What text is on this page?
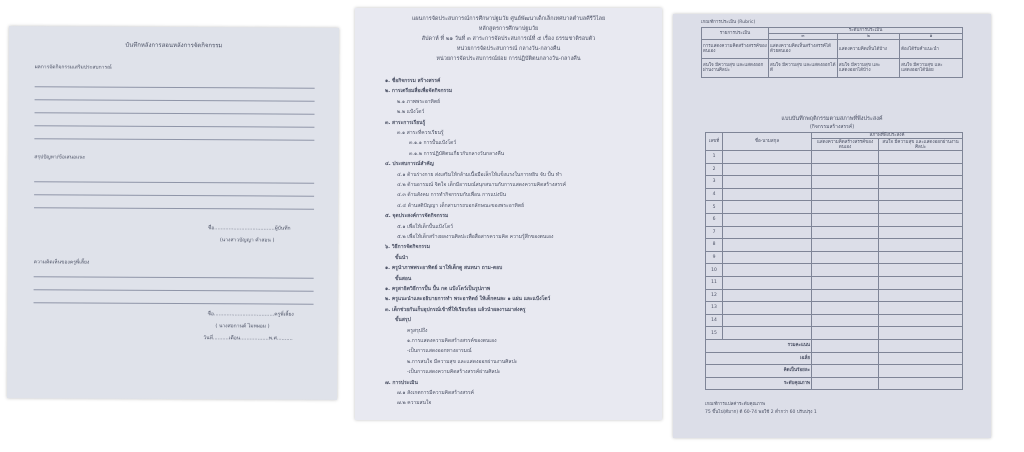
บันทึกหลังการสอนหลังการจัดกิจกรรม
ผลการจัดกิจกรรมเสริมประสบการณ์
สรุปปัญหา/ข้อเสนอแนะ
ชื่อ......................................ผู้บันทึก
(นางสาวบัญญา คำสอน )
ความคิดเห็นของครูพี่เลี้ยง
ชื่อ......................................ครูพี่เลี้ยง
( นางสอกานต์ ไมหผอม )
วันที่..........เดือน..................พ.ศ..........
แผนการจัดประสบการณ์การศึกษาปฐมวัย ศูนย์พัฒนาเด็กเล็กเทศบาลตำบลคีรีวิไลย
หลักสูตรการศึกษาปฐมวัย
สัปดาห์ ที่ ๒๑ วันที่ ๓ สาระการจัดประสบการณ์ที่ ๕ เรื่อง ธรรมชาติรอบตัว
หน่วยการจัดประสบการณ์ กลางวัน-กลางคืน
หน่วยการจัดประสบการณ์ย่อย การปฏิบัติตนกลางวัน-กลางคืน
๑. ชื่อกิจกรรม สร้างสรรค์
๒. การเตรียมสื่อเพื่อจัดกิจกรรม
๒.๑ ภาพพระอาทิตย์
๒.๒ แป้งโดว์
๓. สาระการเรียนรู้
๓.๑ สาระที่ควรเรียนรู้
๓.๑.๑ การปั้นแป้งโดว์
๓.๑.๒ การปฏิบัติตนเกี่ยวกับกลางวันกลางคืน
๔. ประสบการณ์สำคัญ
๔.๑ ด้านร่างกาย ส่งเสริมให้กล้ามเนื้อมือเล็กให้แข็งแรงในการหยิบ จับ ปั้น ทำ
๔.๒ ด้านอารมณ์ จิตใจ เด็กมีอารมณ์สนุกสนานกับการแสดงความคิดสร้างสรรค์
๔.๓ ด้านสังคม การทำกิจกรรมกับเพื่อน การแบ่งปัน
๔.๔ ด้านสติปัญญา เด็กสามารถบอกลักษณะของพระอาทิตย์
๕. จุดประสงค์การจัดกิจกรรม
๕.๑ เพื่อให้เด็กปั้นแป้งโดว์
๕.๒ เพื่อให้เด็กสร้างผลงานศิลปะเพื่อสื่อสารความคิด ความรู้สึกของตนเอง
๖. วิธีการจัดกิจกรรม
ขั้นนำ
๑. ครูนำภาพพระอาทิตย์ มาให้เด็กดู สนทนา ถาม-ตอบ
ขั้นสอน
๑. ครูสาธิตวิธีการปั้น ปั้น กด แป้งโดว์เป็นรูปภาพ
๒. ครูแนะนำและอธิบายการทำ พระอาทิตย์ ให้เด็กคนละ ๑ แผ่น และแป้งโดว์
๓. เด็กช่วยกันเก็บอุปกรณ์เข้าที่ให้เรียบร้อย แล้วนำผลงานมาส่งครู
ขั้นสรุป
ครูสรุปถึง
๑.การแสดงความคิดสร้างสรรค์ของตนเอง
-เป็นการแสดงออกทางอารมณ์
๒.การสนใจ มีความสุข และแสดงออกผ่านงานศิลปะ
-เป็นการแสดงความคิดสร้างสรรค์ผ่านศิลปะ
๗. การประเมิน
๗.๑ สังเกตการมีความคิดสร้างสรรค์
๗.๒ ความสนใจ
เกณฑ์การประเมิน (Rubric)
รายการประเมิน	ระดับการประเมิน		
	๓	๒	๑
การแสดงความคิดสร้างสรรค์ของตนเอง	แสดงความคิดเห็นสร้างสรรค์ได้ด้วยตนเอง	แสดงความคิดเห็นได้บ้าง	ต้องได้รับคำแนะนำ
สนใจ มีความสุข และแสดงออกผ่านงานศิลปะ	สนใจ มีความสุข และแสดงออกได้ดี	สนใจ มีความสุข และแสดงออกได้บ้าง	สนใจ มีความสุข และแสดงออกได้น้อย
แบบบันทึกพฤติกรรมตามสภาพที่พึงประสงค์
(กิจกรรมสร้างสรรค์)
เลขที่	ชื่อ-นามสกุล	สภาพที่พึงประสงค์	
		แสดงความคิดสร้างสรรค์ของตนเอง	สนใจ มีความสุข และแสดงออกผ่านงานศิลปะ
1			
2			
3			
4			
5			
6			
7			
8			
9			
10			
11			
12			
13			
14			
15			
รวมคะแนน			
เฉลี่ย			
คิดเป็นร้อยละ			
ระดับคุณภาพ			
เกณฑ์การแปลค่าระดับคุณภาพ
75 ขึ้นไป(ดีมาก) ดี 60-74 พอใช้ 2 ต่ำกว่า 60 ปรับปรุง 1
